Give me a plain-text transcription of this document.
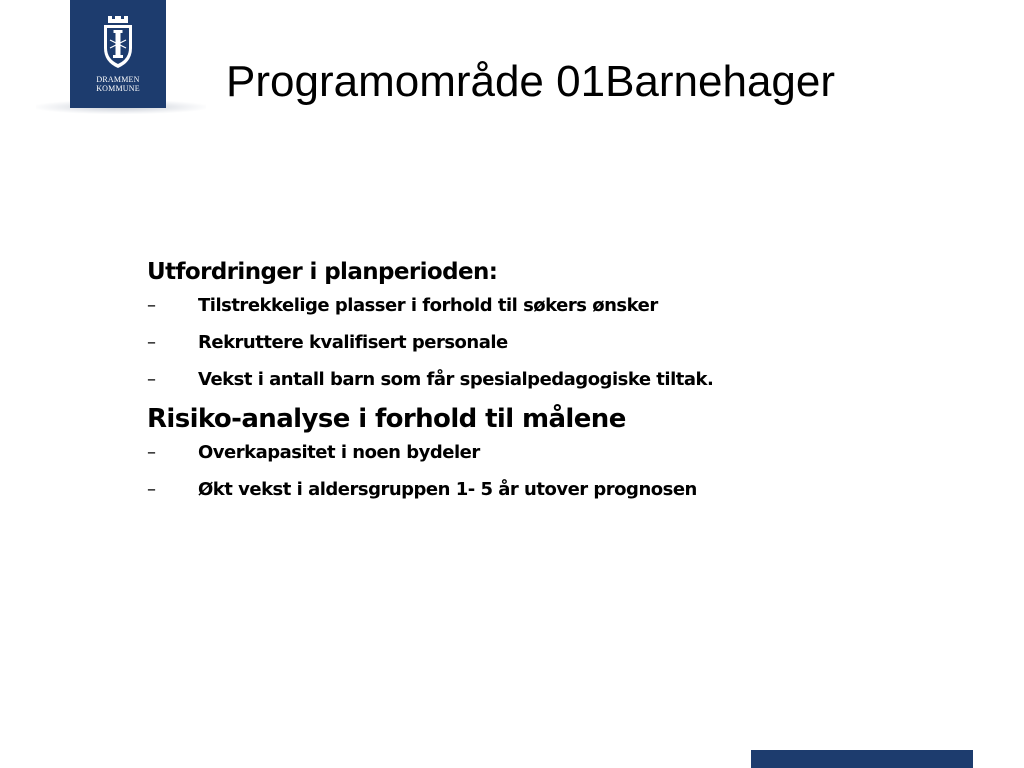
DRAMMEN
KOMMUNE	Programområde 01Barnehager

Utfordringer i planperioden:

– Tilstrekkelige plasser i forhold til søkers ønsker
– Rekruttere kvalifisert personale
– Vekst i antall barn som får spesialpedagogiske tiltak.

Risiko-analyse i forhold til målene

– Overkapasitet i noen bydeler
– Økt vekst i aldersgruppen 1- 5 år utover prognosen
